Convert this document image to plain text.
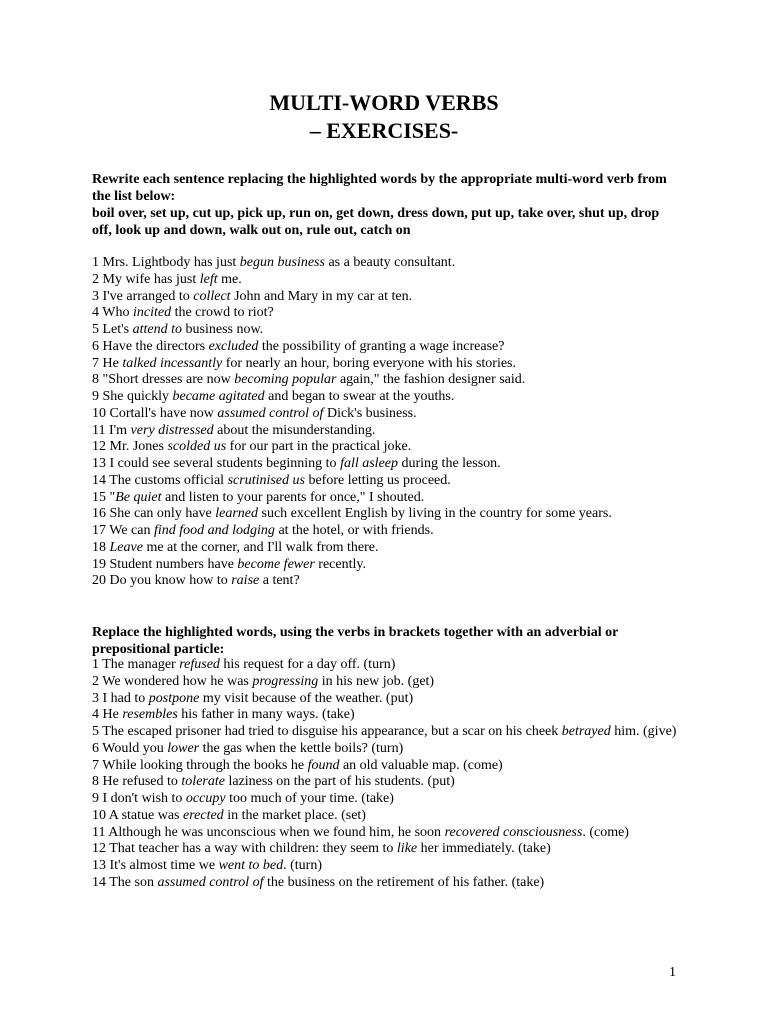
MULTI-WORD VERBS
– EXERCISES-
Rewrite each sentence replacing the highlighted words by the appropriate multi-word verb from the list below:
boil over, set up, cut up, pick up, run on, get down, dress down, put up, take over, shut up, drop off, look up and down, walk out on, rule out, catch on
1 Mrs. Lightbody has just begun business as a beauty consultant.
2 My wife has just left me.
3 I've arranged to collect John and Mary in my car at ten.
4 Who incited the crowd to riot?
5 Let's attend to business now.
6 Have the directors excluded the possibility of granting a wage increase?
7 He talked incessantly for nearly an hour, boring everyone with his stories.
8 "Short dresses are now becoming popular again," the fashion designer said.
9 She quickly became agitated and began to swear at the youths.
10 Cortall's have now assumed control of Dick's business.
11 I'm very distressed about the misunderstanding.
12 Mr. Jones scolded us for our part in the practical joke.
13 I could see several students beginning to fall asleep during the lesson.
14 The customs official scrutinised us before letting us proceed.
15 "Be quiet and listen to your parents for once," I shouted.
16 She can only have learned such excellent English by living in the country for some years.
17 We can find food and lodging at the hotel, or with friends.
18 Leave me at the corner, and I'll walk from there.
19 Student numbers have become fewer recently.
20 Do you know how to raise a tent?
Replace the highlighted words, using the verbs in brackets together with an adverbial or prepositional particle:
1 The manager refused his request for a day off. (turn)
2 We wondered how he was progressing in his new job. (get)
3 I had to postpone my visit because of the weather. (put)
4 He resembles his father in many ways. (take)
5 The escaped prisoner had tried to disguise his appearance, but a scar on his cheek betrayed him. (give)
6 Would you lower the gas when the kettle boils? (turn)
7 While looking through the books he found an old valuable map. (come)
8 He refused to tolerate laziness on the part of his students. (put)
9 I don't wish to occupy too much of your time. (take)
10 A statue was erected in the market place. (set)
11 Although he was unconscious when we found him, he soon recovered consciousness. (come)
12 That teacher has a way with children: they seem to like her immediately. (take)
13 It's almost time we went to bed. (turn)
14 The son assumed control of the business on the retirement of his father. (take)
1
